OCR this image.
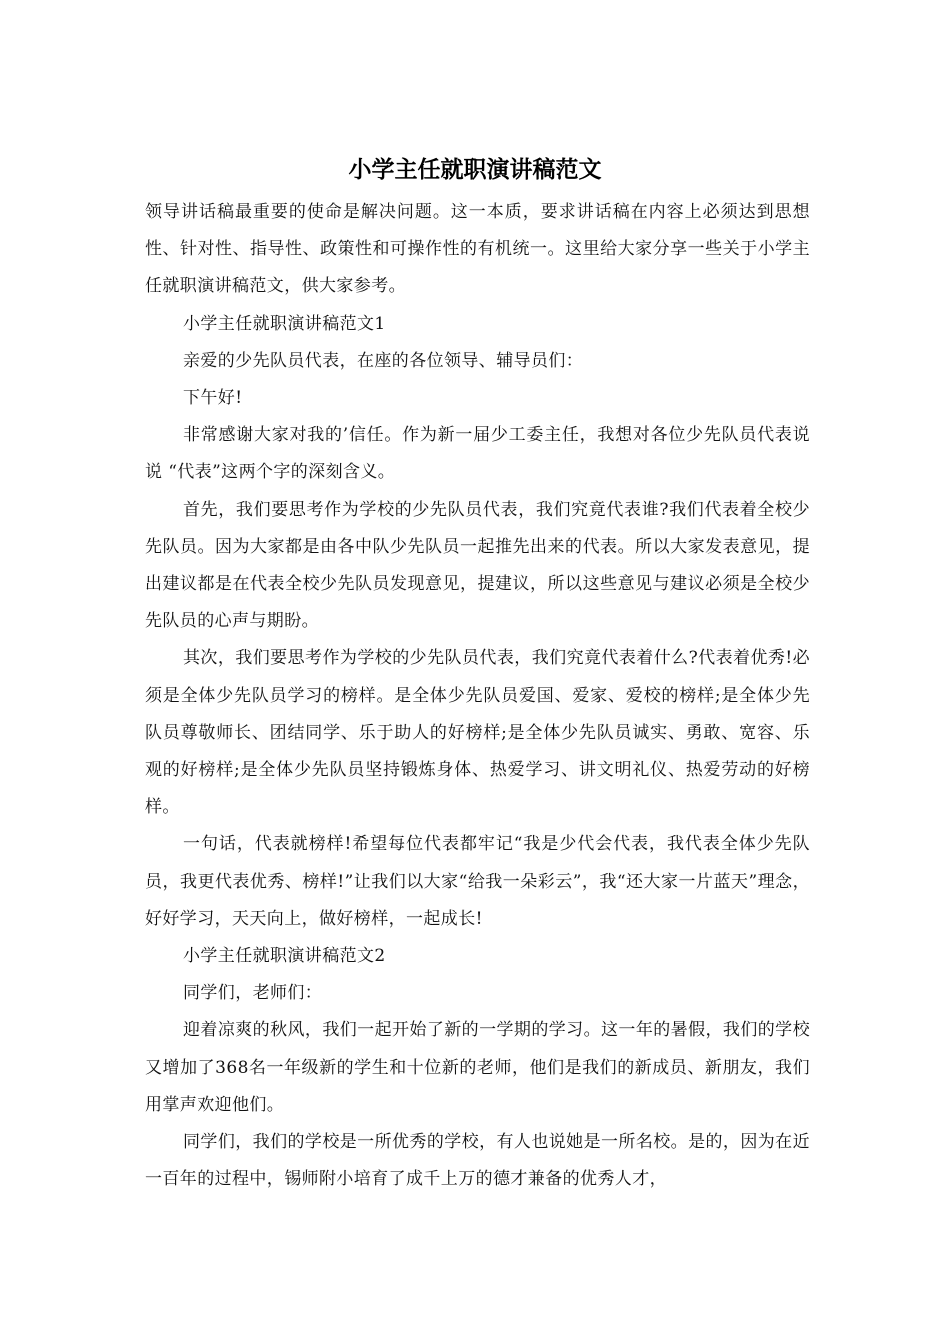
小学主任就职演讲稿范文

领导讲话稿最重要的使命是解决问题。这一本质，要求讲话稿在内容上必须达到思想性、针对性、指导性、政策性和可操作性的有机统一。这里给大家分享一些关于小学主任就职演讲稿范文，供大家参考。

小学主任就职演讲稿范文1

亲爱的少先队员代表，在座的各位领导、辅导员们：

下午好!

非常感谢大家对我的’信任。作为新一届少工委主任，我想对各位少先队员代表说说 “代表”这两个字的深刻含义。

首先，我们要思考作为学校的少先队员代表，我们究竟代表谁?我们代表着全校少先队员。因为大家都是由各中队少先队员一起推先出来的代表。所以大家发表意见，提出建议都是在代表全校少先队员发现意见，提建议，所以这些意见与建议必须是全校少先队员的心声与期盼。

其次，我们要思考作为学校的少先队员代表，我们究竟代表着什么?代表着优秀!必须是全体少先队员学习的榜样。是全体少先队员爱国、爱家、爱校的榜样;是全体少先队员尊敬师长、团结同学、乐于助人的好榜样;是全体少先队员诚实、勇敢、宽容、乐观的好榜样;是全体少先队员坚持锻炼身体、热爱学习、讲文明礼仪、热爱劳动的好榜样。

一句话，代表就榜样!希望每位代表都牢记“我是少代会代表，我代表全体少先队员，我更代表优秀、榜样!”让我们以大家“给我一朵彩云”，我“还大家一片蓝天”理念，好好学习，天天向上，做好榜样，一起成长!

小学主任就职演讲稿范文2

同学们，老师们：

迎着凉爽的秋风，我们一起开始了新的一学期的学习。这一年的暑假，我们的学校又增加了368名一年级新的学生和十位新的老师，他们是我们的新成员、新朋友，我们用掌声欢迎他们。

同学们，我们的学校是一所优秀的学校，有人也说她是一所名校。是的，因为在近一百年的过程中，锡师附小培育了成千上万的德才兼备的优秀人才，
